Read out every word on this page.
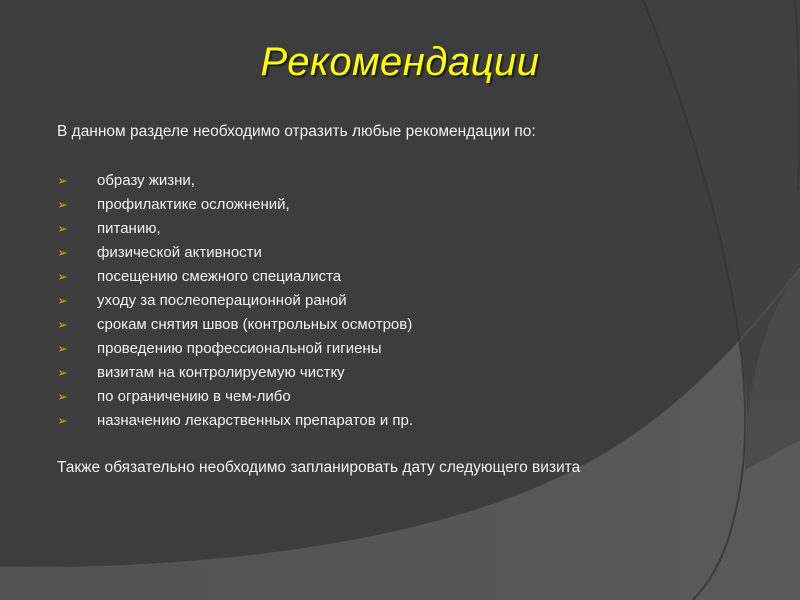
Рекомендации
В данном разделе необходимо отразить любые рекомендации по:
➢	образу жизни,
➢	профилактике осложнений,
➢	питанию,
➢	физической активности
➢	посещению смежного специалиста
➢	уходу за послеоперационной раной
➢	срокам снятия швов (контрольных осмотров)
➢	проведению профессиональной гигиены
➢	визитам на контролируемую чистку
➢	по ограничению в чем-либо
➢	назначению лекарственных препаратов и пр.
Также обязательно необходимо запланировать дату следующего визита
